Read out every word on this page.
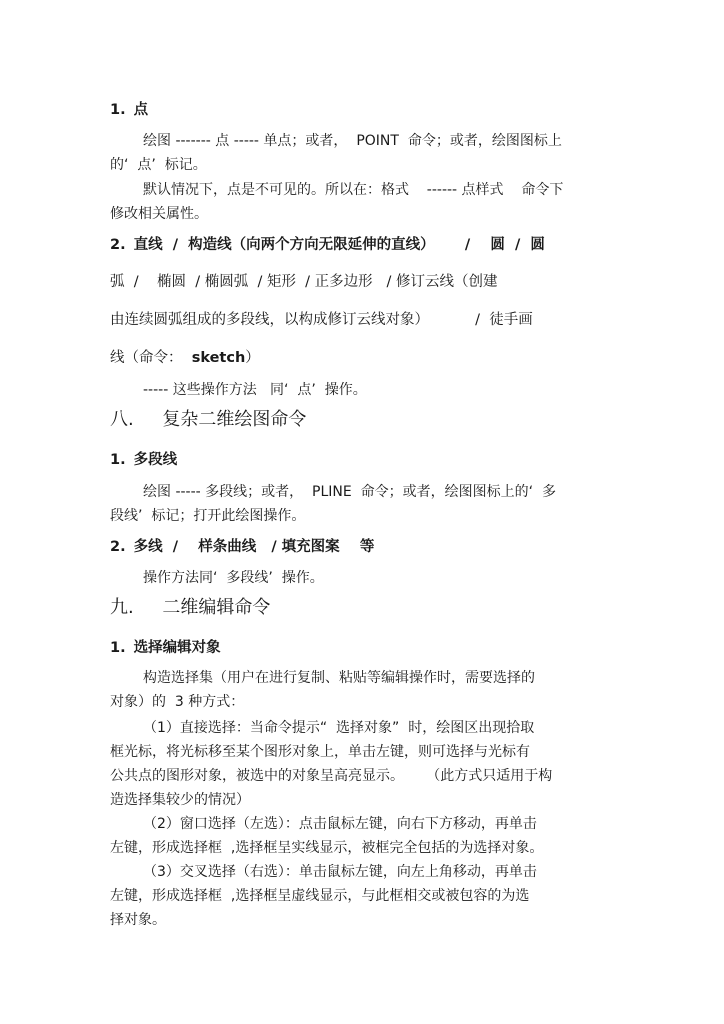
1. 点
绘图 ------- 点 ----- 单点；或者，  POINT  命令；或者，绘图图标上
的‘  点’  标记。
默认情况下，点是不可见的。所以在：格式    ------ 点样式    命令下
修改相关属性。
2. 直线  /  构造线（向两个方向无限延伸的直线）      /    圆  /  圆
弧  /    椭圆  / 椭圆弧  / 矩形  / 正多边形   / 修订云线（创建
由连续圆弧组成的多段线，以构成修订云线对象）          /  徒手画
线（命令：  sketch）
----- 这些操作方法   同‘  点’  操作。
八.     复杂二维绘图命令
1. 多段线
绘图 ----- 多段线；或者，  PLINE  命令；或者，绘图图标上的‘  多
段线’  标记；打开此绘图操作。
2. 多线  /    样条曲线   / 填充图案    等
操作方法同‘  多段线’  操作。
九.     二维编辑命令
1. 选择编辑对象
构造选择集（用户在进行复制、粘贴等编辑操作时，需要选择的
对象）的  3 种方式：
（1）直接选择：当命令提示“  选择对象”  时，绘图区出现拾取
框光标，将光标移至某个图形对象上，单击左键，则可选择与光标有
公共点的图形对象，被选中的对象呈高亮显示。     （此方式只适用于构
造选择集较少的情况）
（2）窗口选择（左选）：点击鼠标左键，向右下方移动，再单击
左键，形成选择框  ,选择框呈实线显示，被框完全包括的为选择对象。
（3）交叉选择（右选）：单击鼠标左键，向左上角移动，再单击
左键，形成选择框  ,选择框呈虚线显示，与此框相交或被包容的为选
择对象。
